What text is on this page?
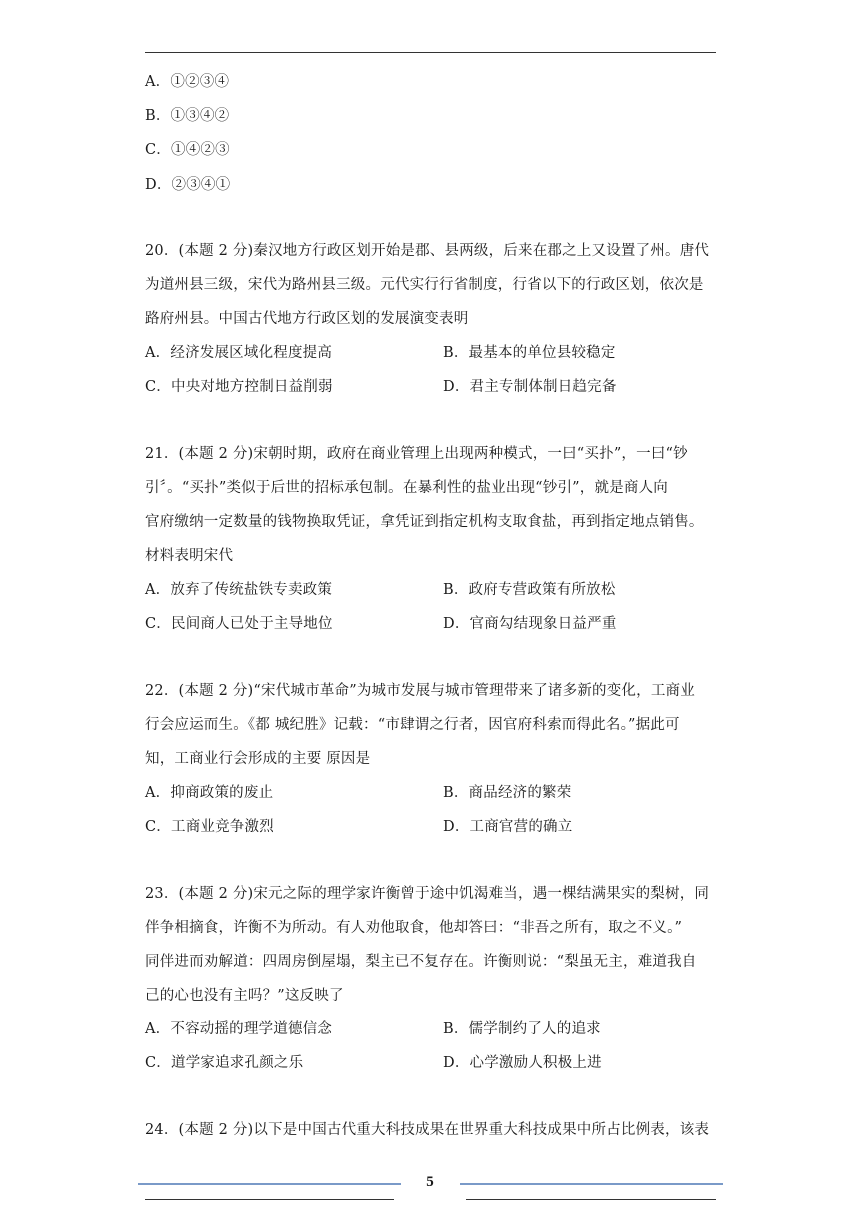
A．①②③④
B．①③④②
C．①④②③
D．②③④①
20．(本题 2 分)秦汉地方行政区划开始是郡、县两级，后来在郡之上又设置了州。唐代
为道州县三级，宋代为路州县三级。元代实行行省制度，行省以下的行政区划，依次是
路府州县。中国古代地方行政区划的发展演变表明
A．经济发展区域化程度提高	B．最基本的单位县较稳定
C．中央对地方控制日益削弱	D．君主专制体制日趋完备
21．(本题 2 分)宋朝时期，政府在商业管理上出现两种模式，一曰“买扑”，一曰“钞
引〞。“买扑”类似于后世的招标承包制。在暴利性的盐业出现“钞引”，就是商人向
官府缴纳一定数量的钱物换取凭证，拿凭证到指定机构支取食盐，再到指定地点销售。
材料表明宋代
A．放弃了传统盐铁专卖政策	B．政府专营政策有所放松
C．民间商人已处于主导地位	D．官商勾结现象日益严重
22．(本题 2 分)“宋代城市革命”为城市发展与城市管理带来了诸多新的变化，工商业
行会应运而生。《都 城纪胜》记载：“市肆谓之行者，因官府科索而得此名。”据此可
知，工商业行会形成的主要 原因是
A．抑商政策的废止	B．商品经济的繁荣
C．工商业竞争激烈	D．工商官营的确立
23．(本题 2 分)宋元之际的理学家许衡曾于途中饥渴难当，遇一棵结满果实的梨树，同
伴争相摘食，许衡不为所动。有人劝他取食，他却答曰：“非吾之所有，取之不义。”
同伴进而劝解道：四周房倒屋塌，梨主已不复存在。许衡则说：“梨虽无主，难道我自
己的心也没有主吗？”这反映了
A．不容动摇的理学道德信念	B．儒学制约了人的追求
C．道学家追求孔颜之乐	D．心学激励人积极上进
24．(本题 2 分)以下是中国古代重大科技成果在世界重大科技成果中所占比例表，该表
5
